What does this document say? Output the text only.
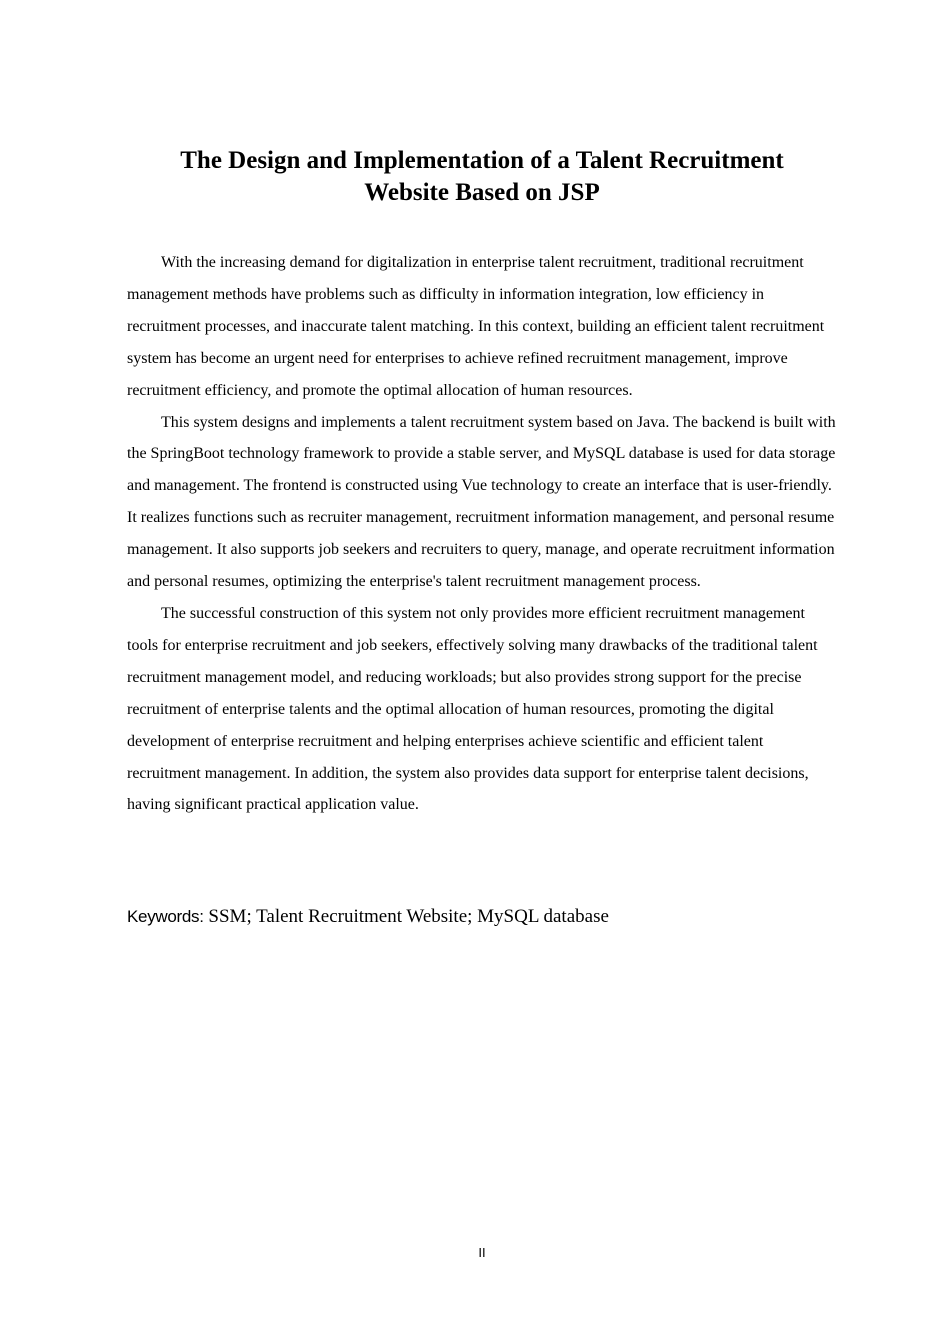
The Design and Implementation of a Talent Recruitment
Website Based on JSP

With the increasing demand for digitalization in enterprise talent recruitment, traditional recruitment management methods have problems such as difficulty in information integration, low efficiency in recruitment processes, and inaccurate talent matching. In this context, building an efficient talent recruitment system has become an urgent need for enterprises to achieve refined recruitment management, improve recruitment efficiency, and promote the optimal allocation of human resources.

This system designs and implements a talent recruitment system based on Java. The backend is built with the SpringBoot technology framework to provide a stable server, and MySQL database is used for data storage and management. The frontend is constructed using Vue technology to create an interface that is user-friendly. It realizes functions such as recruiter management, recruitment information management, and personal resume management. It also supports job seekers and recruiters to query, manage, and operate recruitment information and personal resumes, optimizing the enterprise's talent recruitment management process.

The successful construction of this system not only provides more efficient recruitment management tools for enterprise recruitment and job seekers, effectively solving many drawbacks of the traditional talent recruitment management model, and reducing workloads; but also provides strong support for the precise recruitment of enterprise talents and the optimal allocation of human resources, promoting the digital development of enterprise recruitment and helping enterprises achieve scientific and efficient talent recruitment management. In addition, the system also provides data support for enterprise talent decisions, having significant practical application value.

Keywords: SSM; Talent Recruitment Website; MySQL database
II
